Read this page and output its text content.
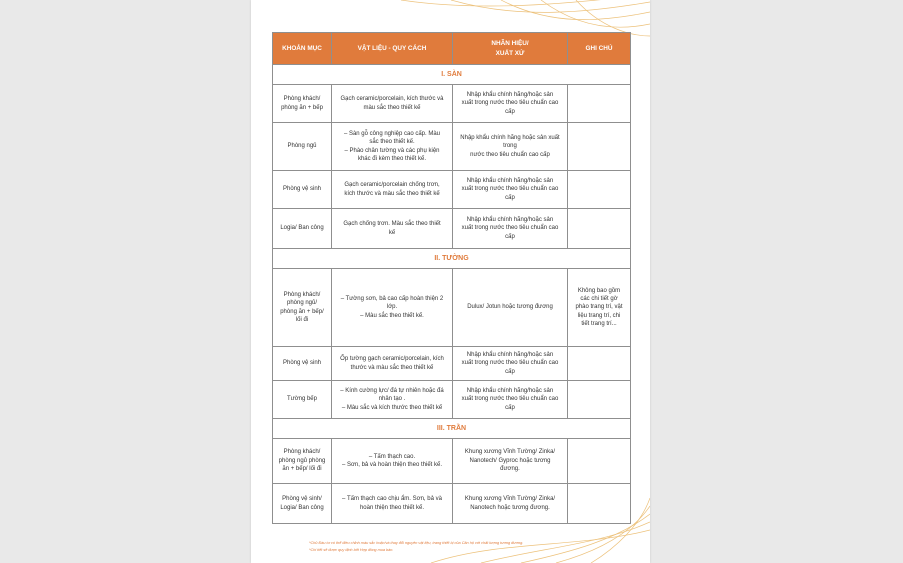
KHOẢN MỤC	VẬT LIỆU - QUY CÁCH	NHÃN HIỆU/
XUẤT XỨ	GHI CHÚ
I. SÀN			
Phòng khách/
phòng ăn + bếp	Gạch ceramic/porcelain, kích thước và
màu sắc theo thiết kế	Nhập khẩu chính hãng/hoặc sản
xuất trong nước theo tiêu chuẩn cao
cấp	
Phòng ngủ	– Sàn gỗ công nghiệp cao cấp. Màu
sắc theo thiết kế.
– Phào chân tường và các phụ kiện
khác đi kèm theo thiết kế.	Nhập khẩu chính hãng hoặc sản xuất trong
nước theo tiêu chuẩn cao cấp	
Phòng vệ sinh	Gạch ceramic/porcelain chống trơn,
kích thước và màu sắc theo thiết kế	Nhập khẩu chính hãng/hoặc sản
xuất trong nước theo tiêu chuẩn cao
cấp	
Logia/ Ban công	Gạch chống trơn. Màu sắc theo thiết
kế	Nhập khẩu chính hãng/hoặc sản
xuất trong nước theo tiêu chuẩn cao
cấp	
II. TƯỜNG			
Phòng khách/
phòng ngủ/
phòng ăn + bếp/
lối đi	– Tường sơn, bả cao cấp hoàn thiện 2
lớp.
– Màu sắc theo thiết kế.	Dulux/ Jotun hoặc tương đương	Không bao gồm
các chi tiết gờ
phào trang trí, vật
liệu trang trí, chi
tiết trang trí...
Phòng vệ sinh	Ốp tường gạch ceramic/porcelain, kích
thước và màu sắc theo thiết kế	Nhập khẩu chính hãng/hoặc sản
xuất trong nước theo tiêu chuẩn cao
cấp	
Tường bếp	– Kính cường lực/ đá tự nhiên hoặc đá
nhân tạo .
– Màu sắc và kích thước theo thiết kế	Nhập khẩu chính hãng/hoặc sản
xuất trong nước theo tiêu chuẩn cao
cấp	
III. TRẦN			
Phòng khách/
phòng ngủ phòng
ăn + bếp/ lối đi	– Tấm thạch cao.
– Sơn, bả và hoàn thiện theo thiết kế.	Khung xương Vĩnh Tường/ Zinka/
Nanotech/ Gyproc hoặc tương
đương.	
Phòng vệ sinh/
Logia/ Ban công	– Tấm thạch cao chịu ẩm. Sơn, bả và
hoàn thiện theo thiết kế.	Khung xương Vĩnh Tường/ Zinka/
Nanotech hoặc tương đương.	
*Chủ Đầu tư có thể điều chỉnh màu sắc hoặc/và thay đổi nguyên vật liệu, trang thiết bị của Căn hộ với chất lượng tương đương.
*Chi tiết sẽ được quy định bởi Hợp đồng mua bán.
